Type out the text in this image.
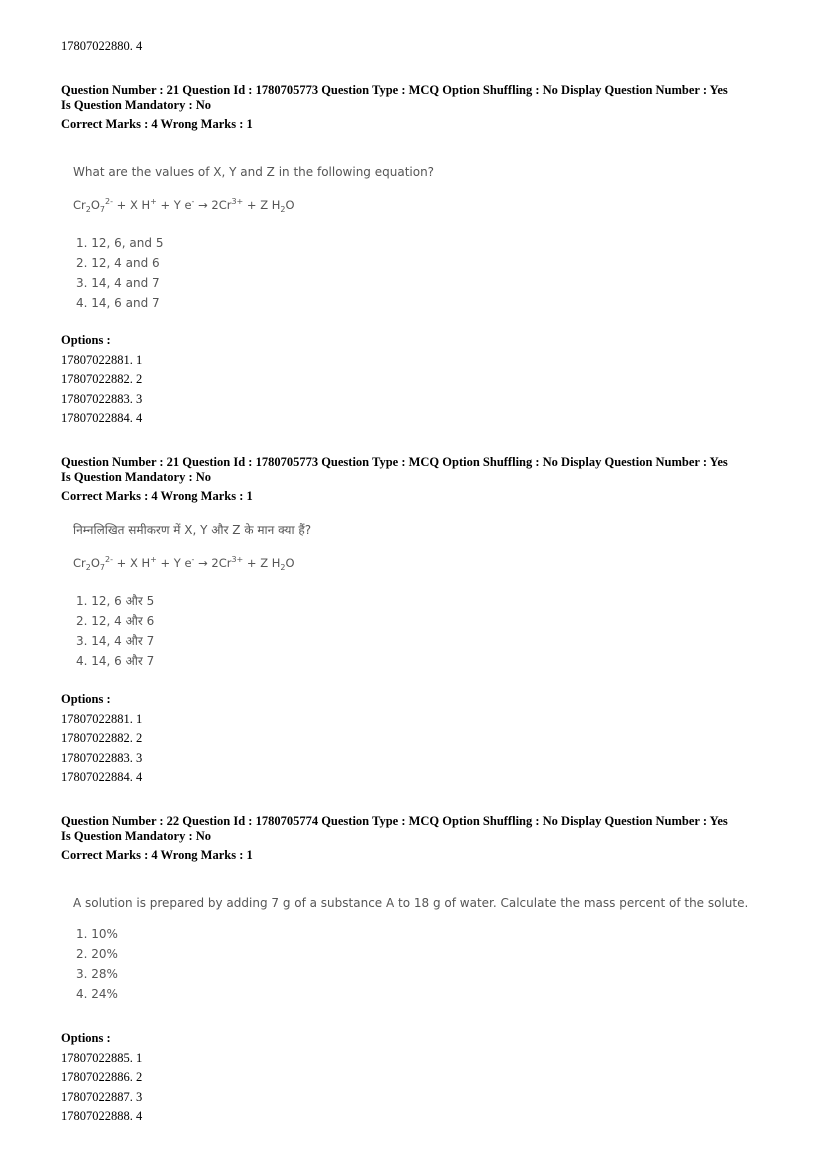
17807022880. 4
Question Number : 21 Question Id : 1780705773 Question Type : MCQ Option Shuffling : No Display Question Number : Yes
Is Question Mandatory : No
Correct Marks : 4 Wrong Marks : 1
What are the values of X, Y and Z in the following equation?
$Cr_2O_7^{2-} + X$ H+ + Y $e^- \to 2Cr^{3+} + Z$ $H_2O$
1. 12, 6, and 5
2. 12, 4 and 6
3. 14, 4 and 7
4. 14, 6 and 7
Options :
17807022881. 1
17807022882. 2
17807022883. 3
17807022884. 4
Question Number : 21 Question Id : 1780705773 Question Type : MCQ Option Shuffling : No Display Question Number : Yes
Is Question Mandatory : No
Correct Marks : 4 Wrong Marks : 1
निम्नलिखित समीकरण में X, Y और Z के मान क्या हैं?
$Cr_2O_7^{2-} + X$ H+ + Y $e^- \to 2Cr^{3+} + Z$ $H_2O$
1. 12, 6 और 5
2. 12, 4 और 6
3. 14, 4 और 7
4. 14, 6 और 7
Options :
17807022881. 1
17807022882. 2
17807022883. 3
17807022884. 4
Question Number : 22 Question Id : 1780705774 Question Type : MCQ Option Shuffling : No Display Question Number : Yes
Is Question Mandatory : No
Correct Marks : 4 Wrong Marks : 1
A solution is prepared by adding 7 g of a substance A to 18 g of water. Calculate the mass percent of the solute.
1. 10%
2. 20%
3. 28%
4. 24%
Options :
17807022885. 1
17807022886. 2
17807022887. 3
17807022888. 4
